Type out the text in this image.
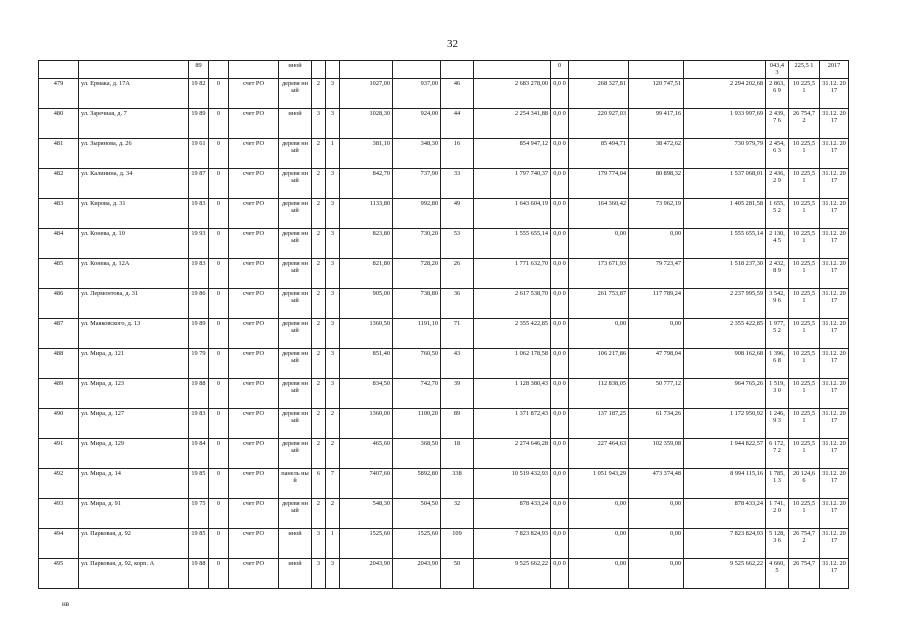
32
		89			иной							0				043,4 3	225,5 1	2017
479	ул. Ермака, д. 17А	19 82	0	счет РО	деревя нный	2	3	1027,00	937,00	46	2 683 278,00	0,0 0	268 327,81	120 747,51	2 294 202,68	2 863,6 9	10 225,5 1	31.12. 2017
480	ул. Заречная, д. 7	19 89	0	счет РО	иной	3	3	1028,30	924,00	44	2 254 341,88	0,0 0	220 927,03	99 417,16	1 933 997,69	2 439,7 6	26 754,7 2	31.12. 2017
481	ул. Зырянова, д. 26	19 61	0	счет РО	деревя нный	2	1	381,10	348,30	16	854 947,12	0,0 0	85 494,71	38 472,62	730 979,79	2 454,6 3	10 225,5 1	31.12. 2017
482	ул. Калинина, д. 34	19 87	0	счет РО	деревя нный	2	3	842,70	737,90	33	1 797 740,37	0,0 0	179 774,04	80 898,32	1 537 068,01	2 436,2 9	10 225,5 1	31.12. 2017
483	ул. Кирова, д. 31	19 83	0	счет РО	деревя нный	2	3	1133,80	992,80	49	1 643 604,19	0,0 0	164 360,42	73 962,19	1 405 281,58	1 655,5 2	10 225,5 1	31.12. 2017
484	ул. Конева, д. 10	19 93	0	счет РО	деревя нный	2	3	823,80	730,20	53	1 555 655,14	0,0 0	0,00	0,00	1 555 655,14	2 130,4 5	10 225,5 1	31.12. 2017
485	ул. Конева, д. 12А	19 83	0	счет РО	деревя нный	2	3	821,80	728,20	26	1 771 632,70	0,0 0	173 671,93	79 723,47	1 518 237,30	2 432,8 9	10 225,5 1	31.12. 2017
486	ул. Лермонтова, д. 31	19 86	0	счет РО	деревя нный	2	3	905,00	738,80	36	2 617 538,70	0,0 0	261 753,87	117 789,24	2 237 995,59	3 542,9 6	10 225,5 1	31.12. 2017
487	ул. Маяковского, д. 13	19 89	0	счет РО	деревя нный	2	3	1360,50	1191,10	71	2 355 422,85	0,0 0	0,00	0,00	2 355 422,85	1 977,5 2	10 225,5 1	31.12. 2017
488	ул. Мира, д. 121	19 79	0	счет РО	деревя нный	2	3	851,40	760,50	43	1 062 178,58	0,0 0	106 217,86	47 798,04	908 162,68	1 396,6 8	10 225,5 1	31.12. 2017
489	ул. Мира, д. 123	19 88	0	счет РО	деревя нный	2	3	834,50	742,70	39	1 128 380,43	0,0 0	112 838,05	50 777,12	964 765,26	1 519,3 0	10 225,5 1	31.12. 2017
490	ул. Мира, д. 127	19 83	0	счет РО	деревя нный	2	2	1360,00	1100,20	89	1 371 872,43	0,0 0	137 187,25	61 734,26	1 172 950,92	1 246,9 3	10 225,5 1	31.12. 2017
491	ул. Мира, д. 129	19 84	0	счет РО	деревя нный	2	2	465,60	368,50	18	2 274 646,28	0,0 0	227 464,63	102 359,08	1 944 822,57	6 172,7 2	10 225,5 1	31.12. 2017
492	ул. Мира, д. 14	19 85	0	счет РО	панель ный	6	7	7407,60	5892,80	338	10 519 432,93	0,0 0	1 051 943,29	473 374,48	8 994 115,16	1 785,1 3	20 124,6 6	31.12. 2017
493	ул. Мира, д. 91	19 75	0	счет РО	деревя нный	2	2	548,30	504,50	32	878 433,24	0,0 0	0,00	0,00	878 433,24	1 741,2 0	10 225,5 1	31.12. 2017
494	ул. Парковая, д. 92	19 85	0	счет РО	иной	3	1	1525,60	1525,60	109	7 823 824,93	0,0 0	0,00	0,00	7 823 824,93	5 128,3 6	26 754,7 2	31.12. 2017
495	ул. Парковая, д. 92, корп. А	19 88	0	счет РО	иной	3	3	2043,90	2043,90	50	9 525 662,22	0,0 0	0,00	0,00	9 525 662,22	4 660,5	26 754,7	31.12. 2017
нв
